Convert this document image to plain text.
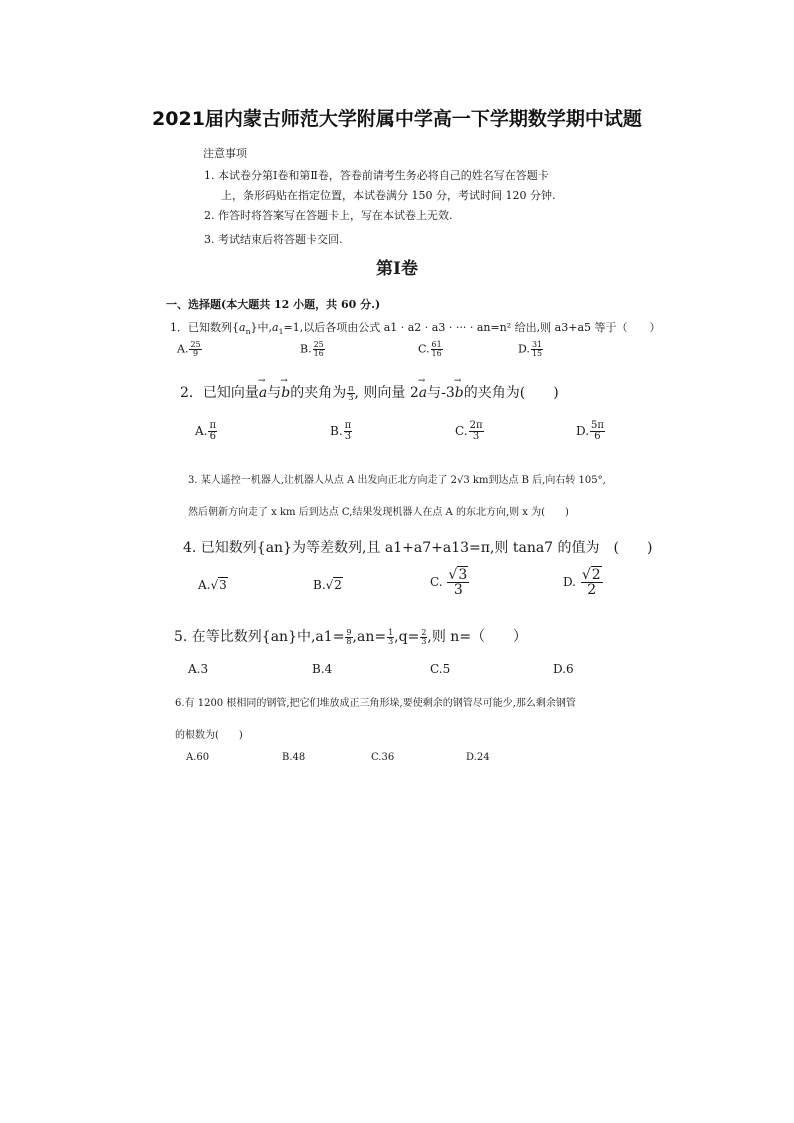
2021届内蒙古师范大学附属中学高一下学期数学期中试题
注意事项
1. 本试卷分第Ⅰ卷和第Ⅱ卷，答卷前请考生务必将自己的姓名写在答题卡
上，条形码贴在指定位置，本试卷满分 150 分，考试时间 120 分钟.
2. 作答时将答案写在答题卡上，写在本试卷上无效.
3. 考试结束后将答题卡交回.
第Ⅰ卷
一、选择题(本大题共 12 小题，共 60 分.)
1．已知数列$\{a_n\}$中$,a_1=1$,以后各项由公式 a1 · a2 · a3 · ··· · an=n² 给出,则 a3+a5 等于（　　）
A. $\frac{25}{9}$	B. $\frac{25}{16}$	C. $\frac{61}{16}$	D. $\frac{31}{15}$
2．已知向量→ a与→ b的夹角为 $\frac{\pi}{3}$ , 则向量 2→ a与-3→ b的夹角为(　　)
A. $\frac{\pi}{6}$	B. $\frac{\pi}{3}$	C. $\frac{2\pi}{3}$	D. $\frac{5\pi}{6}$
3. 某人遥控一机器人,让机器人从点 A 出发向正北方向走了 2√3 km到达点 B 后,向右转 105°,
然后朝新方向走了 x km 后到达点 C,结果发现机器人在点 A 的东北方向,则 x 为(　　)
4. 已知数列{an}为等差数列,且 a1+a7+a13=π,则 tana7 的值为　(　　)
A.√3	B.√2	C. $\frac{√3}{3}$	D. $\frac{√2}{2}$
5. 在等比数列{an}中$,a1= \frac{9}{8} ,an= \frac{1}{3} ,q= \frac{2}{3}$ ,则 n=（　　）
A.3	B.4	C.5	D.6
6.有 1200 根相同的钢管,把它们堆放成正三角形垛,要使剩余的钢管尽可能少,那么剩余钢管
的根数为(　　)
A.60	B.48	C.36	D.24
